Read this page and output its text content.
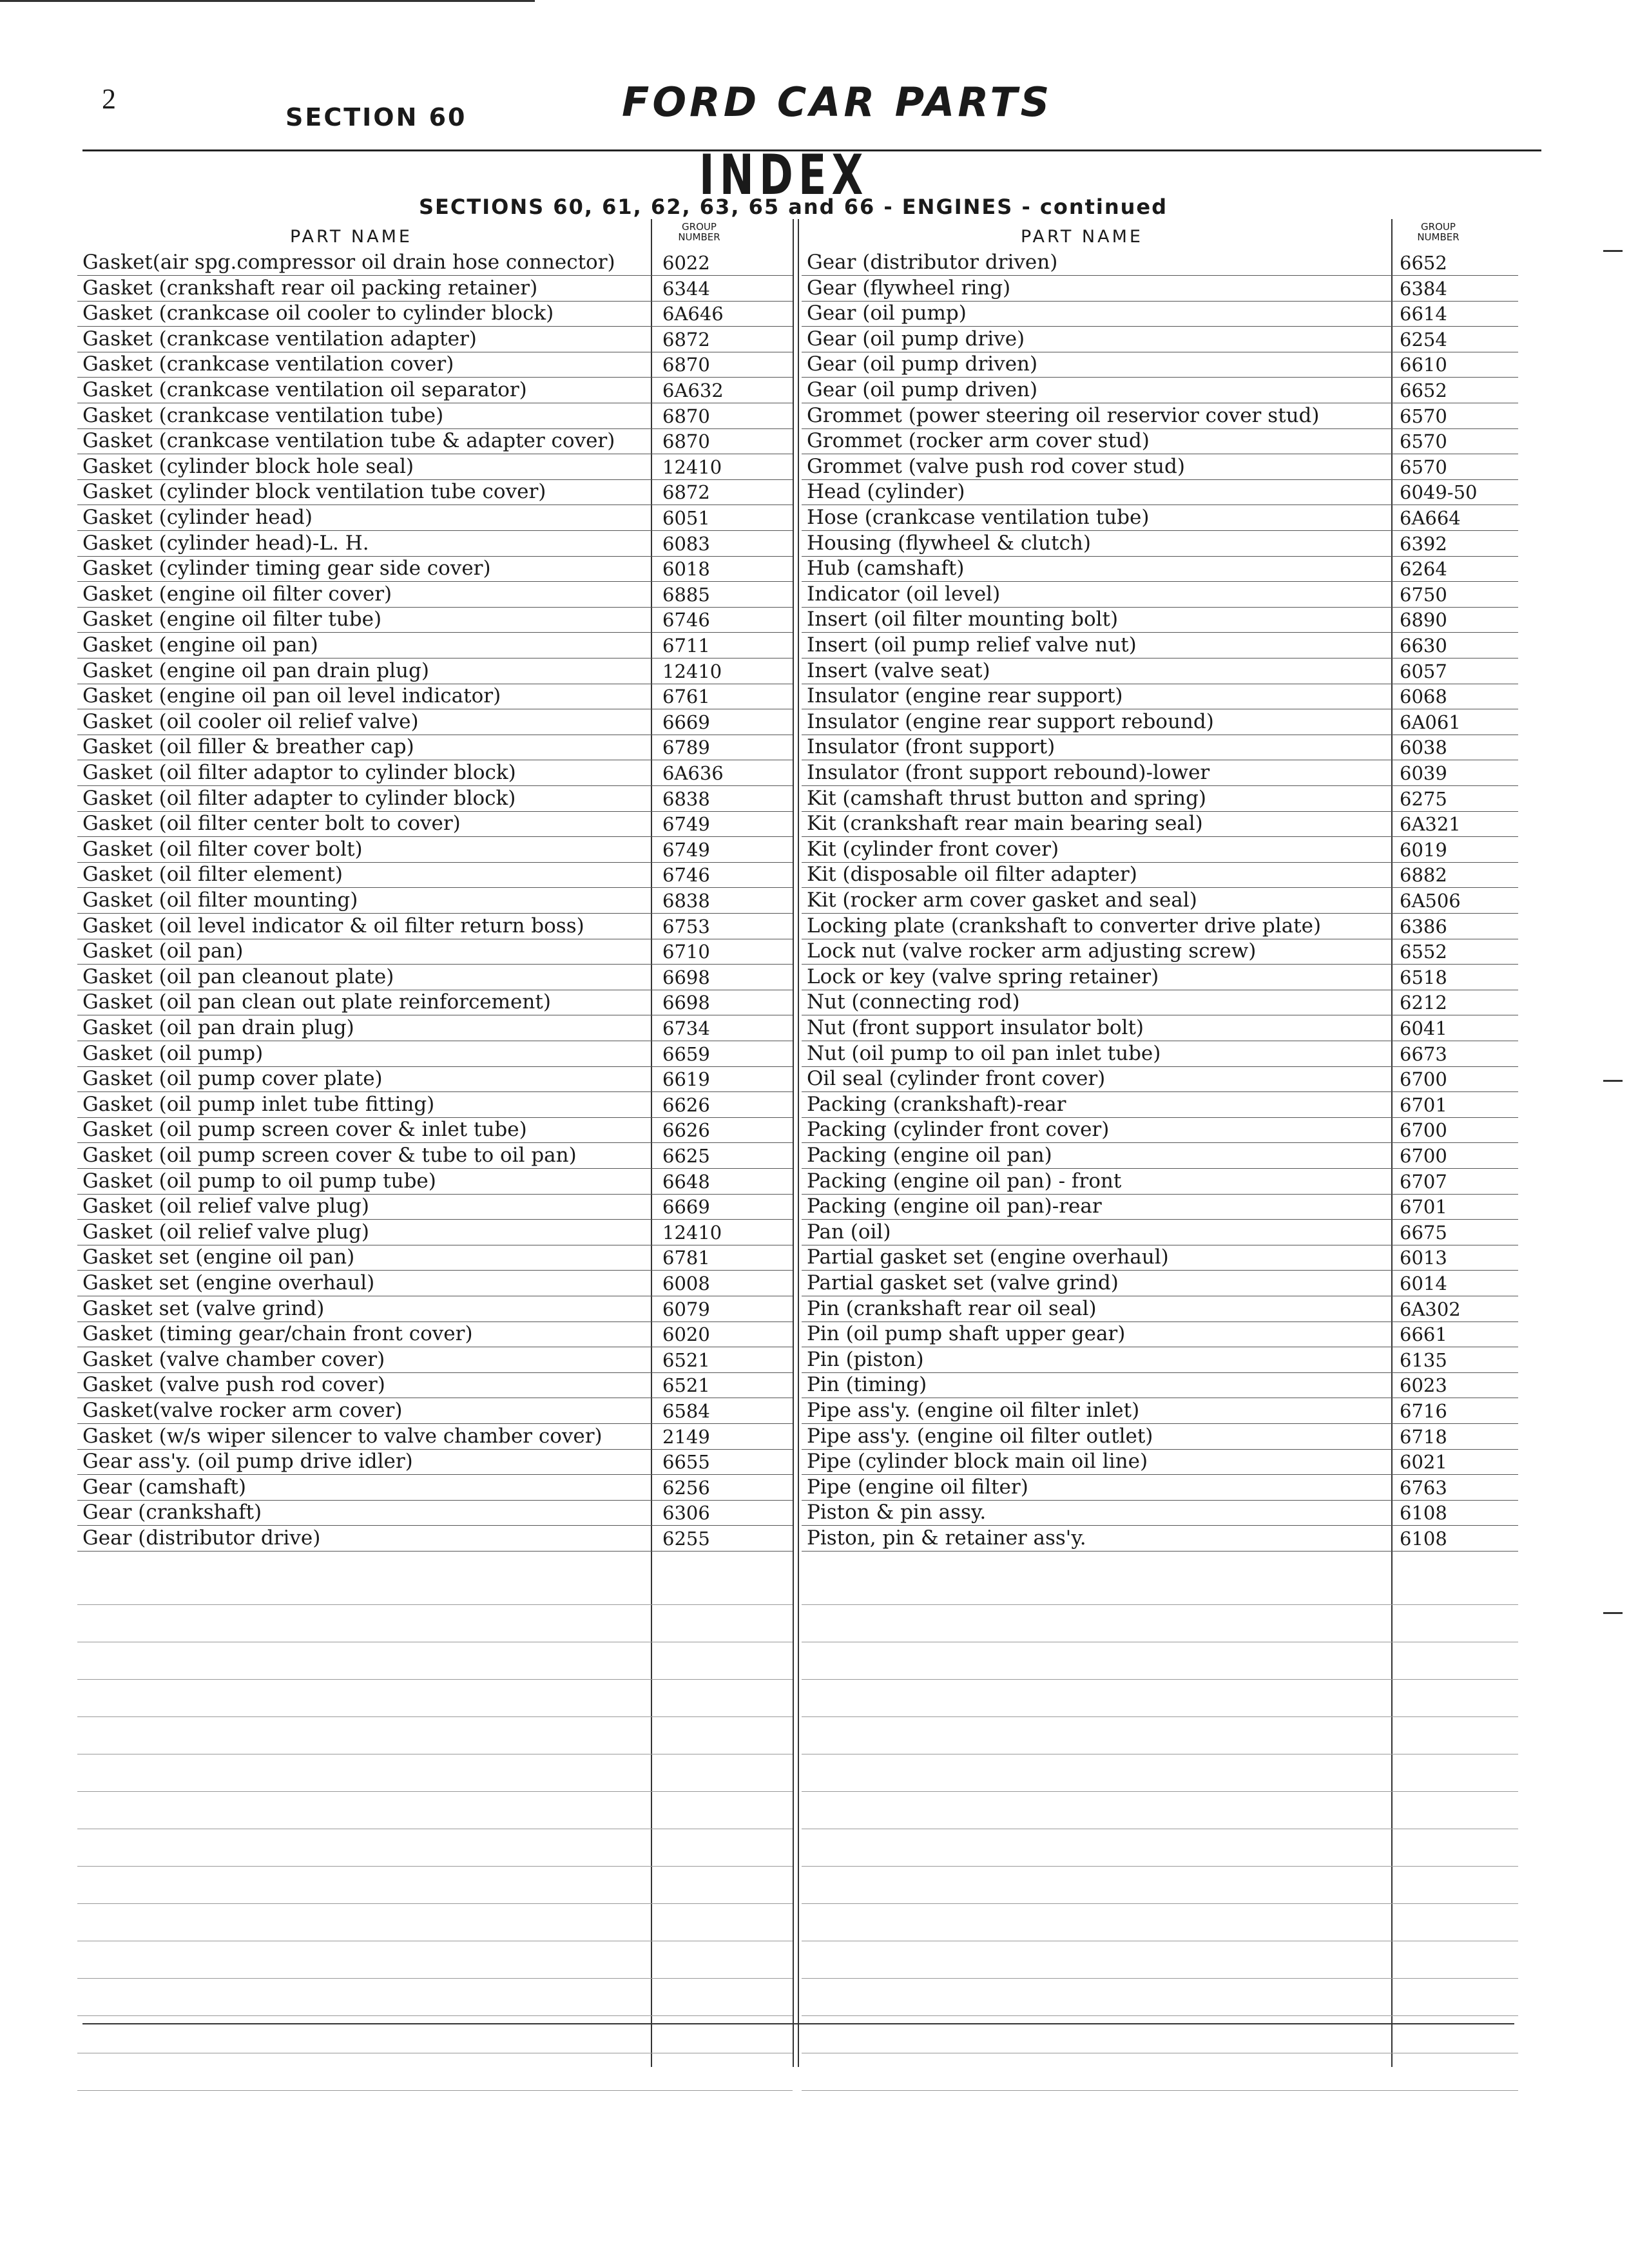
2
SECTION 60	FORD CAR PARTS
INDEX
SECTIONS 60, 61, 62, 63, 65 and 66 - ENGINES - continued
PART NAME	GROUP
NUMBER
Gasket(air spg.compressor oil drain hose connector)	6022
Gasket (crankshaft rear oil packing retainer)	6344
Gasket (crankcase oil cooler to cylinder block)	6A646
Gasket (crankcase ventilation adapter)	6872
Gasket (crankcase ventilation cover)	6870
Gasket (crankcase ventilation oil separator)	6A632
Gasket (crankcase ventilation tube)	6870
Gasket (crankcase ventilation tube & adapter cover)	6870
Gasket (cylinder block hole seal)	12410
Gasket (cylinder block ventilation tube cover)	6872
Gasket (cylinder head)	6051
Gasket (cylinder head)-L. H.	6083
Gasket (cylinder timing gear side cover)	6018
Gasket (engine oil filter cover)	6885
Gasket (engine oil filter tube)	6746
Gasket (engine oil pan)	6711
Gasket (engine oil pan drain plug)	12410
Gasket (engine oil pan oil level indicator)	6761
Gasket (oil cooler oil relief valve)	6669
Gasket (oil filler & breather cap)	6789
Gasket (oil filter adaptor to cylinder block)	6A636
Gasket (oil filter adapter to cylinder block)	6838
Gasket (oil filter center bolt to cover)	6749
Gasket (oil filter cover bolt)	6749
Gasket (oil filter element)	6746
Gasket (oil filter mounting)	6838
Gasket (oil level indicator & oil filter return boss)	6753
Gasket (oil pan)	6710
Gasket (oil pan cleanout plate)	6698
Gasket (oil pan clean out plate reinforcement)	6698
Gasket (oil pan drain plug)	6734
Gasket (oil pump)	6659
Gasket (oil pump cover plate)	6619
Gasket (oil pump inlet tube fitting)	6626
Gasket (oil pump screen cover & inlet tube)	6626
Gasket (oil pump screen cover & tube to oil pan)	6625
Gasket (oil pump to oil pump tube)	6648
Gasket (oil relief valve plug)	6669
Gasket (oil relief valve plug)	12410
Gasket set (engine oil pan)	6781
Gasket set (engine overhaul)	6008
Gasket set (valve grind)	6079
Gasket (timing gear/chain front cover)	6020
Gasket (valve chamber cover)	6521
Gasket (valve push rod cover)	6521
Gasket(valve rocker arm cover)	6584
Gasket (w/s wiper silencer to valve chamber cover)	2149
Gear ass'y. (oil pump drive idler)	6655
Gear (camshaft)	6256
Gear (crankshaft)	6306
Gear (distributor drive)	6255
PART NAME	GROUP
NUMBER
Gear (distributor driven)	6652
Gear (flywheel ring)	6384
Gear (oil pump)	6614
Gear (oil pump drive)	6254
Gear (oil pump driven)	6610
Gear (oil pump driven)	6652
Grommet (power steering oil reservior cover stud)	6570
Grommet (rocker arm cover stud)	6570
Grommet (valve push rod cover stud)	6570
Head (cylinder)	6049-50
Hose (crankcase ventilation tube)	6A664
Housing (flywheel & clutch)	6392
Hub (camshaft)	6264
Indicator (oil level)	6750
Insert (oil filter mounting bolt)	6890
Insert (oil pump relief valve nut)	6630
Insert (valve seat)	6057
Insulator (engine rear support)	6068
Insulator (engine rear support rebound)	6A061
Insulator (front support)	6038
Insulator (front support rebound)-lower	6039
Kit (camshaft thrust button and spring)	6275
Kit (crankshaft rear main bearing seal)	6A321
Kit (cylinder front cover)	6019
Kit (disposable oil filter adapter)	6882
Kit (rocker arm cover gasket and seal)	6A506
Locking plate (crankshaft to converter drive plate)	6386
Lock nut (valve rocker arm adjusting screw)	6552
Lock or key (valve spring retainer)	6518
Nut (connecting rod)	6212
Nut (front support insulator bolt)	6041
Nut (oil pump to oil pan inlet tube)	6673
Oil seal (cylinder front cover)	6700
Packing (crankshaft)-rear	6701
Packing (cylinder front cover)	6700
Packing (engine oil pan)	6700
Packing (engine oil pan) - front	6707
Packing (engine oil pan)-rear	6701
Pan (oil)	6675
Partial gasket set (engine overhaul)	6013
Partial gasket set (valve grind)	6014
Pin (crankshaft rear oil seal)	6A302
Pin (oil pump shaft upper gear)	6661
Pin (piston)	6135
Pin (timing)	6023
Pipe ass'y. (engine oil filter inlet)	6716
Pipe ass'y. (engine oil filter outlet)	6718
Pipe (cylinder block main oil line)	6021
Pipe (engine oil filter)	6763
Piston & pin assy.	6108
Piston, pin & retainer ass'y.	6108
